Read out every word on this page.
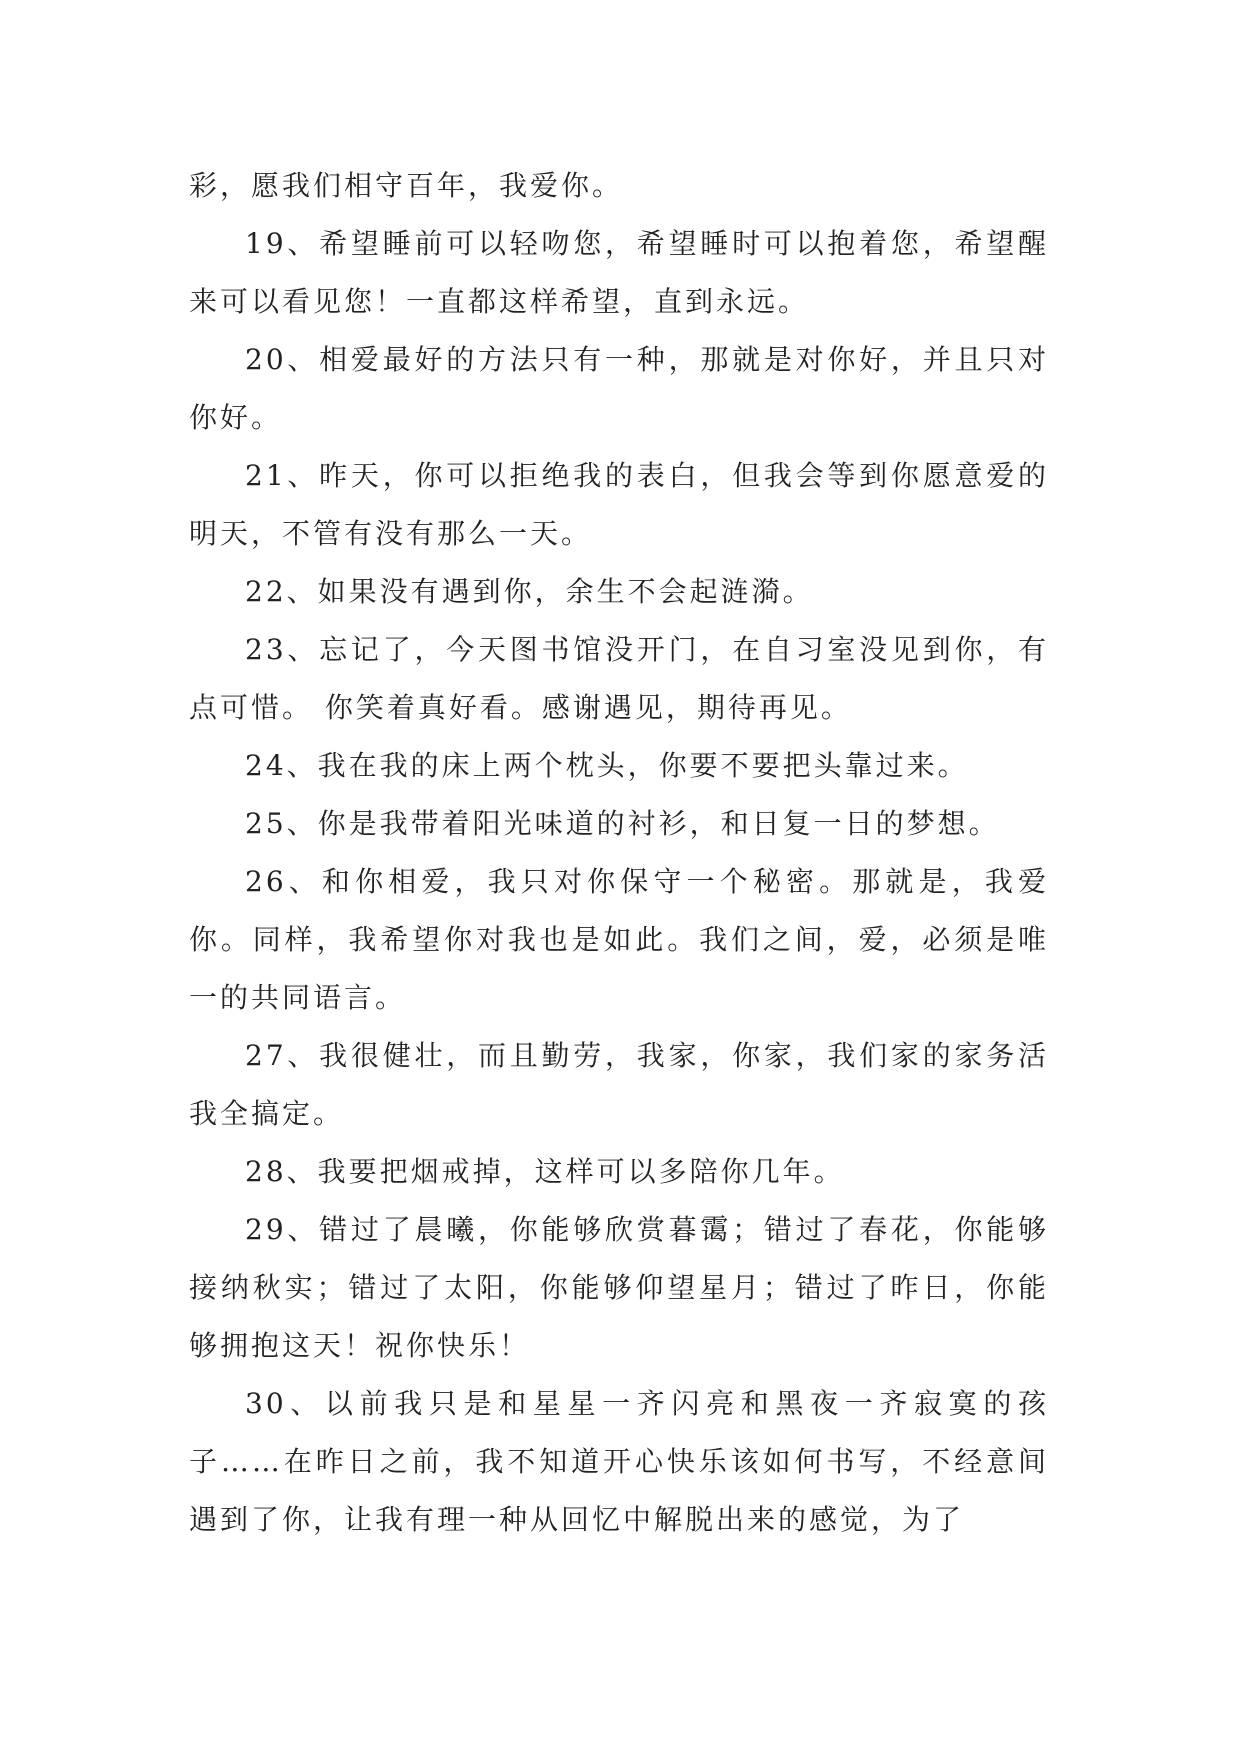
彩，愿我们相守百年，我爱你。

19、希望睡前可以轻吻您，希望睡时可以抱着您，希望醒来可以看见您！一直都这样希望，直到永远。

20、相爱最好的方法只有一种，那就是对你好，并且只对你好。

21、昨天，你可以拒绝我的表白，但我会等到你愿意爱的明天，不管有没有那么一天。

22、如果没有遇到你，余生不会起涟漪。

23、忘记了，今天图书馆没开门，在自习室没见到你，有点可惜。 你笑着真好看。感谢遇见，期待再见。

24、我在我的床上两个枕头，你要不要把头靠过来。

25、你是我带着阳光味道的衬衫，和日复一日的梦想。

26、和你相爱，我只对你保守一个秘密。那就是，我爱你。同样，我希望你对我也是如此。我们之间，爱，必须是唯一的共同语言。

27、我很健壮，而且勤劳，我家，你家，我们家的家务活我全搞定。

28、我要把烟戒掉，这样可以多陪你几年。

29、错过了晨曦，你能够欣赏暮霭；错过了春花，你能够接纳秋实；错过了太阳，你能够仰望星月；错过了昨日，你能够拥抱这天！祝你快乐！

30、以前我只是和星星一齐闪亮和黑夜一齐寂寞的孩子……在昨日之前，我不知道开心快乐该如何书写，不经意间遇到了你，让我有理一种从回忆中解脱出来的感觉，为了
